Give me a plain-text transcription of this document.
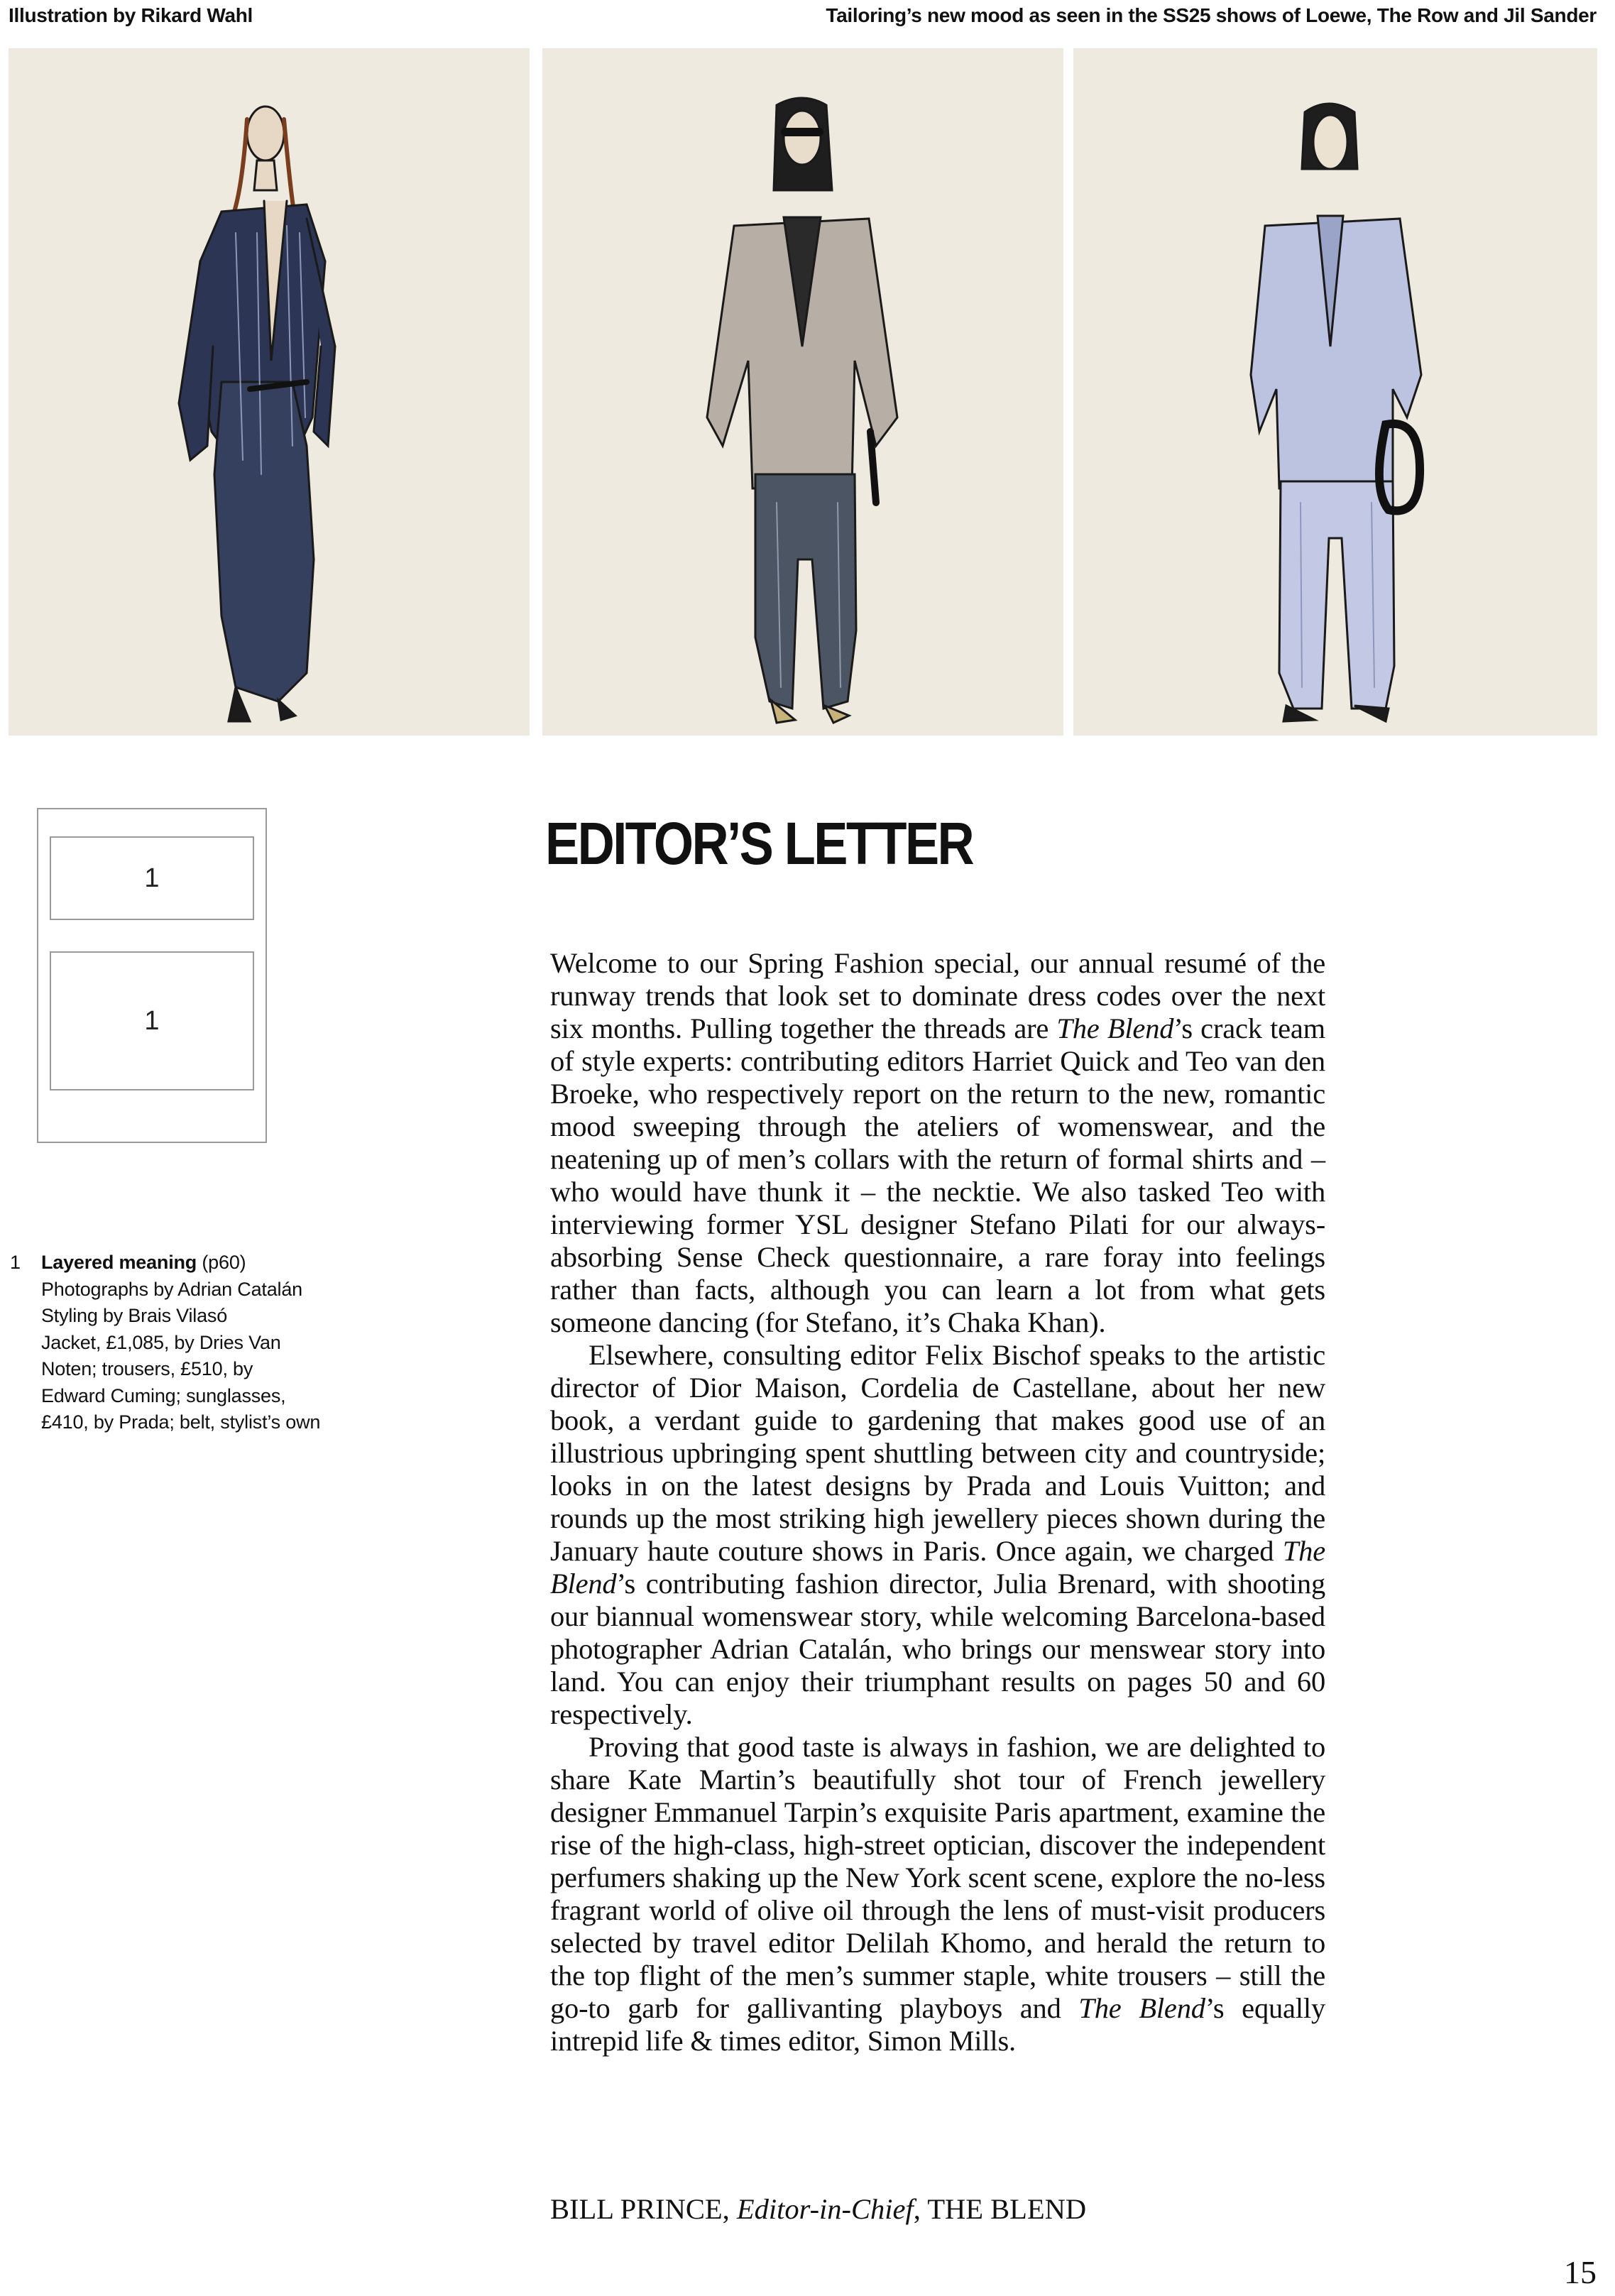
Illustration by Rikard Wahl	Tailoring’s new mood as seen in the SS25 shows of Loewe, The Row and Jil Sander
1
1
1 Layered meaning (p60)
Photographs by Adrian Catalán
Styling by Brais Vilasó
Jacket, £1,085, by Dries Van
Noten; trousers, £510, by
Edward Cuming; sunglasses,
£410, by Prada; belt, stylist’s own
EDITOR’S LETTER

Welcome to our Spring Fashion special, our annual resumé of the runway trends that look set to dominate dress codes over the next six months. Pulling together the threads are The Blend’s crack team of style experts: contributing editors Harriet Quick and Teo van den Broeke, who respectively report on the return to the new, romantic mood sweeping through the ateliers of womenswear, and the neatening up of men’s collars with the return of formal shirts and – who would have thunk it – the necktie. We also tasked Teo with interviewing former YSL designer Stefano Pilati for our always-absorbing Sense Check questionnaire, a rare foray into feelings rather than facts, although you can learn a lot from what gets someone dancing (for Stefano, it’s Chaka Khan).

Elsewhere, consulting editor Felix Bischof speaks to the artistic director of Dior Maison, Cordelia de Castellane, about her new book, a verdant guide to gardening that makes good use of an illustrious upbringing spent shuttling between city and countryside; looks in on the latest designs by Prada and Louis Vuitton; and rounds up the most striking high jewellery pieces shown during the January haute couture shows in Paris. Once again, we charged The Blend’s contributing fashion director, Julia Brenard, with shooting our biannual womenswear story, while welcoming Barcelona-based photographer Adrian Catalán, who brings our menswear story into land. You can enjoy their triumphant results on pages 50 and 60 respectively.

Proving that good taste is always in fashion, we are delighted to share Kate Martin’s beautifully shot tour of French jewellery designer Emmanuel Tarpin’s exquisite Paris apartment, examine the rise of the high-class, high-street optician, discover the independent perfumers shaking up the New York scent scene, explore the no-less fragrant world of olive oil through the lens of must-visit producers selected by travel editor Delilah Khomo, and herald the return to the top flight of the men’s summer staple, white trousers – still the go-to garb for gallivanting playboys and The Blend’s equally intrepid life & times editor, Simon Mills.

BILL PRINCE, Editor-in-Chief, THE BLEND
15
